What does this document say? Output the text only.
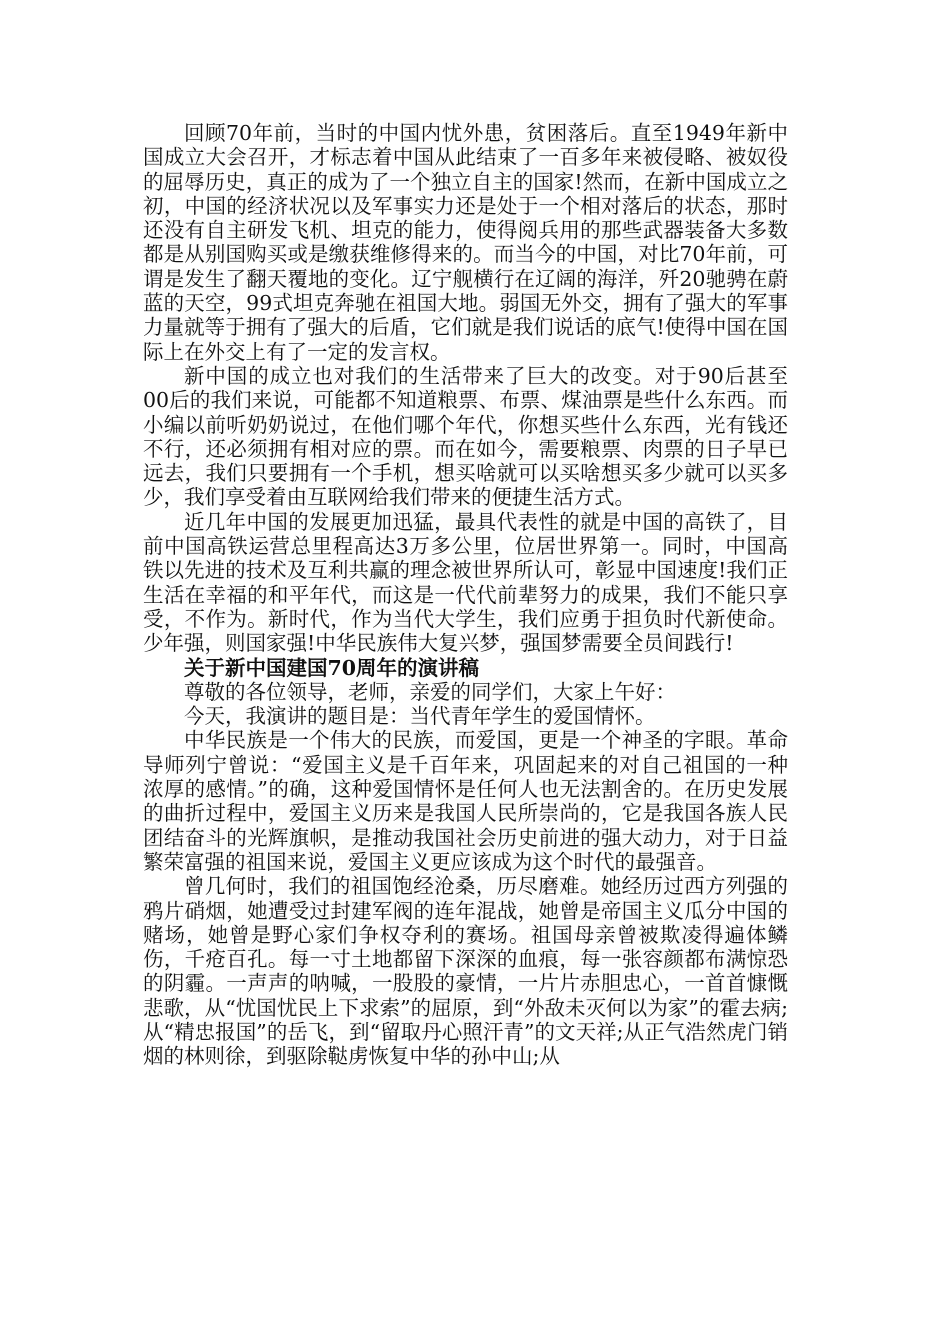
回顾70年前，当时的中国内忧外患，贫困落后。直至1949年新中国成立大会召开，才标志着中国从此结束了一百多年来被侵略、被奴役的屈辱历史，真正的成为了一个独立自主的国家!然而，在新中国成立之初，中国的经济状况以及军事实力还是处于一个相对落后的状态，那时还没有自主研发飞机、坦克的能力，使得阅兵用的那些武器装备大多数都是从别国购买或是缴获维修得来的。而当今的中国，对比70年前，可谓是发生了翻天覆地的变化。辽宁舰横行在辽阔的海洋，歼20驰骋在蔚蓝的天空，99式坦克奔驰在祖国大地。弱国无外交，拥有了强大的军事力量就等于拥有了强大的后盾，它们就是我们说话的底气!使得中国在国际上在外交上有了一定的发言权。

新中国的成立也对我们的生活带来了巨大的改变。对于90后甚至00后的我们来说，可能都不知道粮票、布票、煤油票是些什么东西。而小编以前听奶奶说过，在他们哪个年代，你想买些什么东西，光有钱还不行，还必须拥有相对应的票。而在如今，需要粮票、肉票的日子早已远去，我们只要拥有一个手机，想买啥就可以买啥想买多少就可以买多少，我们享受着由互联网给我们带来的便捷生活方式。

近几年中国的发展更加迅猛，最具代表性的就是中国的高铁了，目前中国高铁运营总里程高达3万多公里，位居世界第一。同时，中国高铁以先进的技术及互利共赢的理念被世界所认可，彰显中国速度!我们正生活在幸福的和平年代，而这是一代代前辈努力的成果，我们不能只享受，不作为。新时代，作为当代大学生，我们应勇于担负时代新使命。少年强，则国家强!中华民族伟大复兴梦，强国梦需要全员间践行!

关于新中国建国70周年的演讲稿

尊敬的各位领导，老师，亲爱的同学们，大家上午好：

今天，我演讲的题目是：当代青年学生的爱国情怀。

中华民族是一个伟大的民族，而爱国，更是一个神圣的字眼。革命导师列宁曾说：“爱国主义是千百年来，巩固起来的对自己祖国的一种浓厚的感情。”的确，这种爱国情怀是任何人也无法割舍的。在历史发展的曲折过程中，爱国主义历来是我国人民所崇尚的，它是我国各族人民团结奋斗的光辉旗帜，是推动我国社会历史前进的强大动力，对于日益繁荣富强的祖国来说，爱国主义更应该成为这个时代的最强音。

曾几何时，我们的祖国饱经沧桑，历尽磨难。她经历过西方列强的鸦片硝烟，她遭受过封建军阀的连年混战，她曾是帝国主义瓜分中国的赌场，她曾是野心家们争权夺利的赛场。祖国母亲曾被欺凌得遍体鳞伤，千疮百孔。每一寸土地都留下深深的血痕，每一张容颜都布满惊恐的阴霾。一声声的呐喊，一股股的豪情，一片片赤胆忠心，一首首慷慨悲歌，从“忧国忧民上下求索”的屈原，到“外敌未灭何以为家”的霍去病;从“精忠报国”的岳飞，到“留取丹心照汗青”的文天祥;从正气浩然虎门销烟的林则徐，到驱除鞑虏恢复中华的孙中山;从
